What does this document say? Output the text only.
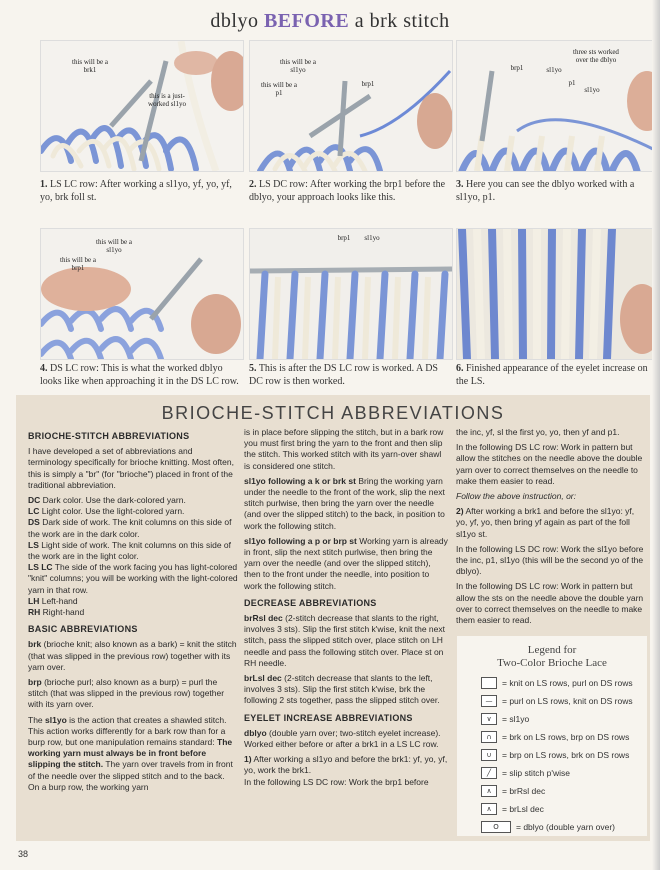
dblyo BEFORE a brk stitch
this will be a brk1
this is a just-worked sl1yo
this will be a sl1yo
this will be a p1
brp1
three sts worked over the dblyo
brp1	sl1yo
p1
sl1yo
1. LS LC row: After working a sl1yo, yf, yo, yf, yo, brk foll st.
2. LS DC row: After working the brp1 before the dblyo, your approach looks like this.
3. Here you can see the dblyo worked with a sl1yo, p1.
this will be a sl1yo
this will be a brp1
brp1	sl1yo
4. DS LC row: This is what the worked dblyo looks like when approaching it in the DS LC row.
5. This is after the DS LC row is worked. A DS DC row is then worked.
6. Finished appearance of the eyelet increase on the LS.
BRIOCHE-STITCH ABBREVIATIONS

BRIOCHE-STITCH ABBREVIATIONS

I have developed a set of abbreviations and terminology specifically for brioche knitting. Most often, this is simply a "br" (for "brioche") placed in front of the traditional abbreviation.

DC Dark color. Use the dark-colored yarn.
LC Light color. Use the light-colored yarn.
DS Dark side of work. The knit columns on this side of the work are in the dark color.
LS Light side of work. The knit columns on this side of the work are in the light color.
LS LC The side of the work facing you has light-colored "knit" columns; you will be working with the light-colored yarn in that row.
LH Left-hand
RH Right-hand

BASIC ABBREVIATIONS

brk (brioche knit; also known as a bark) = knit the stitch (that was slipped in the previous row) together with its yarn over.

brp (brioche purl; also known as a burp) = purl the stitch (that was slipped in the previous row) together with its yarn over.

The sl1yo is the action that creates a shawled stitch. This action works differently for a bark row than for a burp row, but one manipulation remains standard: The working yarn must always be in front before slipping the stitch. The yarn over travels from in front of the needle over the slipped stitch and to the back. On a burp row, the working yarn

is in place before slipping the stitch, but in a bark row you must first bring the yarn to the front and then slip the stitch. This worked stitch with its yarn-over shawl is considered one stitch.

sl1yo following a k or brk st Bring the working yarn under the needle to the front of the work, slip the next stitch purlwise, then bring the yarn over the needle (and over the slipped stitch) to the back, in position to work the following stitch.

sl1yo following a p or brp st Working yarn is already in front, slip the next stitch purlwise, then bring the yarn over the needle (and over the slipped stitch), then to the front under the needle, into position to work the following stitch.

DECREASE ABBREVIATIONS

brRsl dec (2-stitch decrease that slants to the right, involves 3 sts). Slip the first stitch k'wise, knit the next stitch, pass the slipped stitch over, place stitch on LH needle and pass the following stitch over. Place st on RH needle.

brLsl dec (2-stitch decrease that slants to the left, involves 3 sts). Slip the first stitch k'wise, brk the following 2 sts together, pass the slipped stitch over.

EYELET INCREASE ABBREVIATIONS

dblyo (double yarn over; two-stitch eyelet increase). Worked either before or after a brk1 in a LS LC row.

1) After working a sl1yo and before the brk1: yf, yo, yf, yo, work the brk1.
In the following LS DC row: Work the brp1 before

the inc, yf, sl the first yo, yo, then yf and p1.

In the following DS LC row: Work in pattern but allow the stitches on the needle above the double yarn over to correct themselves on the needle to make them easier to read.

Follow the above instruction, or:

2) After working a brk1 and before the sl1yo: yf, yo, yf, yo, then bring yf again as part of the foll sl1yo st.

In the following LS DC row: Work the sl1yo before the inc, p1, sl1yo (this will be the second yo of the dblyo).

In the following DS LC row: Work in pattern but allow the sts on the needle above the double yarn over to correct themselves on the needle to make them easier to read.

Legend for
Two-Color Brioche Lace
= knit on LS rows, purl on DS rows
—	= purl on LS rows, knit on DS rows
∨	= sl1yo
∩	= brk on LS rows, brp on DS rows
∪	= brp on LS rows, brk on DS rows
╱	= slip stitch p'wise
∧	= brRsl dec
∧	= brLsl dec
O	= dblyo (double yarn over)
38
